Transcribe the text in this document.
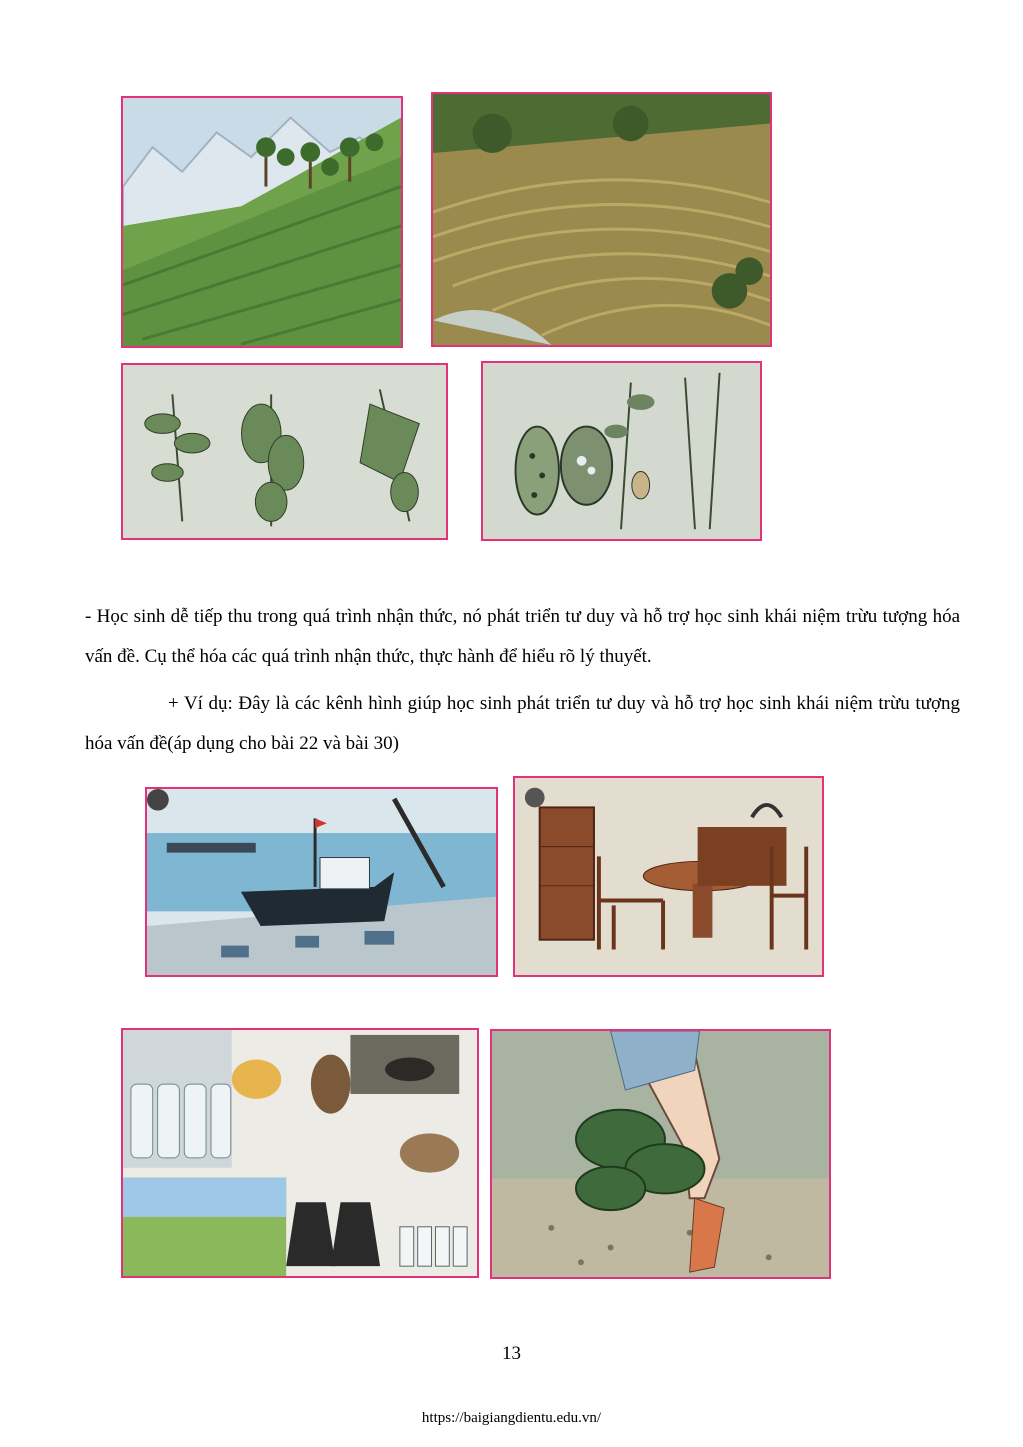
- Học sinh dễ tiếp thu trong quá trình nhận thức, nó phát triển tư duy và hỗ trợ học sinh khái niệm trừu tượng hóa vấn đề. Cụ thể hóa các quá trình nhận thức, thực hành để hiểu rõ lý thuyết.
+ Ví dụ: Đây là các kênh hình giúp học sinh phát triển tư duy và hỗ trợ học sinh khái niệm trừu tượng hóa vấn đề(áp dụng cho bài 22 và bài 30)
13
https://baigiangdientu.edu.vn/
